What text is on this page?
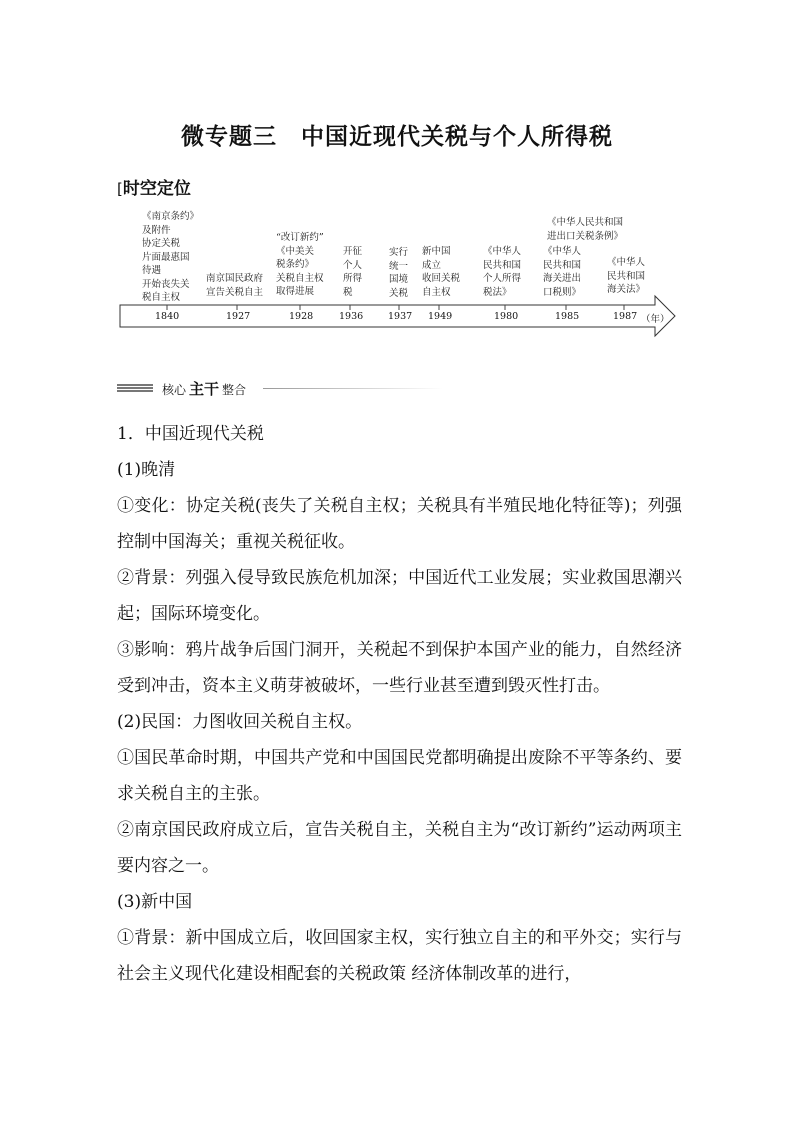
微专题三 中国近现代关税与个人所得税
[时空定位
《南京条约》
及附件
协定关税
片面最惠国
待遇
开始丧失关
税自主权
南京国民政府
宣告关税自主
“改订新约”
《中美关
税条约》
关税自主权
取得进展
开征
个人
所得
税
实行
统一
国境
关税
新中国
成立
收回关税
自主权
《中华人
民共和国
个人所得
税法》
《中华人民共和国
进出口关税条例》
《中华人
民共和国
海关进出
口税则》
《中华人
民共和国
海关法》
1840	1927	1928	1936	1937 1949	1980	1985	1987 （年）
核心 主干 整合

1．中国近现代关税

(1)晚清

①变化：协定关税(丧失了关税自主权；关税具有半殖民地化特征等)；列强控制中国海关；重视关税征收。

②背景：列强入侵导致民族危机加深；中国近代工业发展；实业救国思潮兴起；国际环境变化。

③影响：鸦片战争后国门洞开，关税起不到保护本国产业的能力，自然经济受到冲击，资本主义萌芽被破坏，一些行业甚至遭到毁灭性打击。

(2)民国：力图收回关税自主权。

①国民革命时期，中国共产党和中国国民党都明确提出废除不平等条约、要求关税自主的主张。

②南京国民政府成立后，宣告关税自主，关税自主为“改订新约”运动两项主要内容之一。

(3)新中国

①背景：新中国成立后，收回国家主权，实行独立自主的和平外交；实行与社会主义现代化建设相配套的关税政策 经济体制改革的进行，
